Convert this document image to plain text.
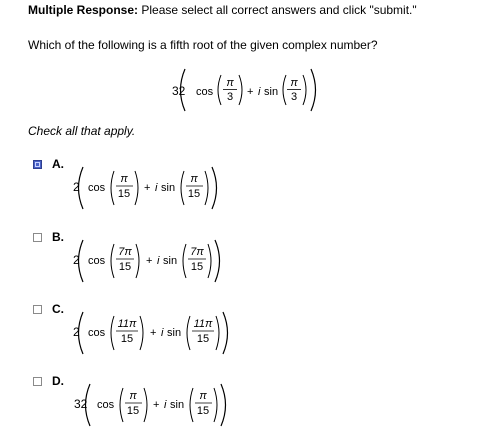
Multiple Response: Please select all correct answers and click "submit."
Which of the following is a fifth root of the given complex number?
32 cos
π
3 + i sin
π
3
Check all that apply.
A.
2 cos
π
15 + i sin
π
15
B.
2 cos
7π
15 + i sin
7π
15
C.
2 cos
11π
15 + i sin
11π
15
D.
32 cos
π
15 + i sin
π
15
